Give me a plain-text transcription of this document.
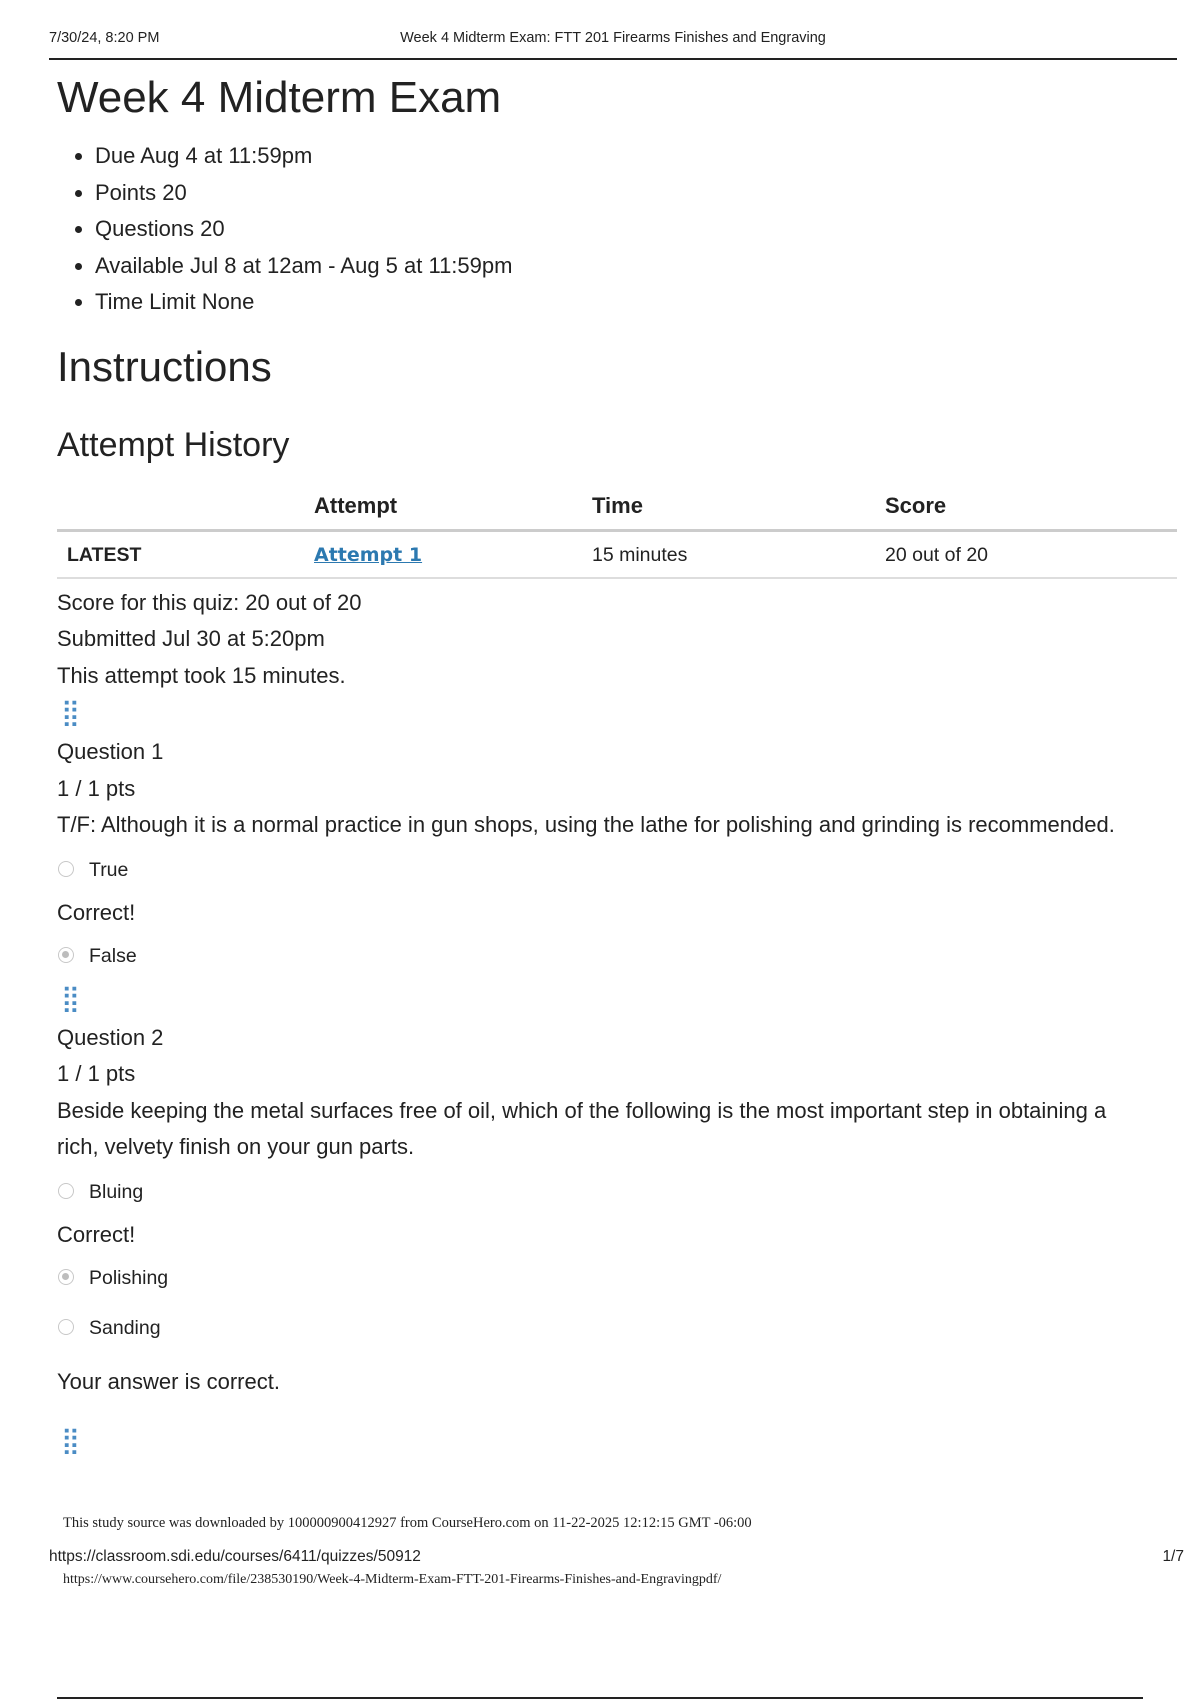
7/30/24, 8:20 PM	Week 4 Midterm Exam: FTT 201 Firearms Finishes and Engraving
Week 4 Midterm Exam
• Due Aug 4 at 11:59pm
• Points 20
• Questions 20
• Available Jul 8 at 12am - Aug 5 at 11:59pm
• Time Limit None
Instructions
Attempt History
	Attempt	Time	Score
LATEST	Attempt 1	15 minutes	20 out of 20
Score for this quiz: 20 out of 20
Submitted Jul 30 at 5:20pm
This attempt took 15 minutes.
⣿
Question 1
1 / 1 pts
T/F: Although it is a normal practice in gun shops, using the lathe for polishing and grinding is recommended.
True
Correct!
False
⣿
Question 2
1 / 1 pts
Beside keeping the metal surfaces free of oil, which of the following is the most important step in obtaining a rich, velvety finish on your gun parts.
Bluing
Correct!
Polishing
Sanding
Your answer is correct.
⣿
This study source was downloaded by 100000900412927 from CourseHero.com on 11-22-2025 12:12:15 GMT -06:00
https://classroom.sdi.edu/courses/6411/quizzes/50912	1/7
https://www.coursehero.com/file/238530190/Week-4-Midterm-Exam-FTT-201-Firearms-Finishes-and-Engravingpdf/
